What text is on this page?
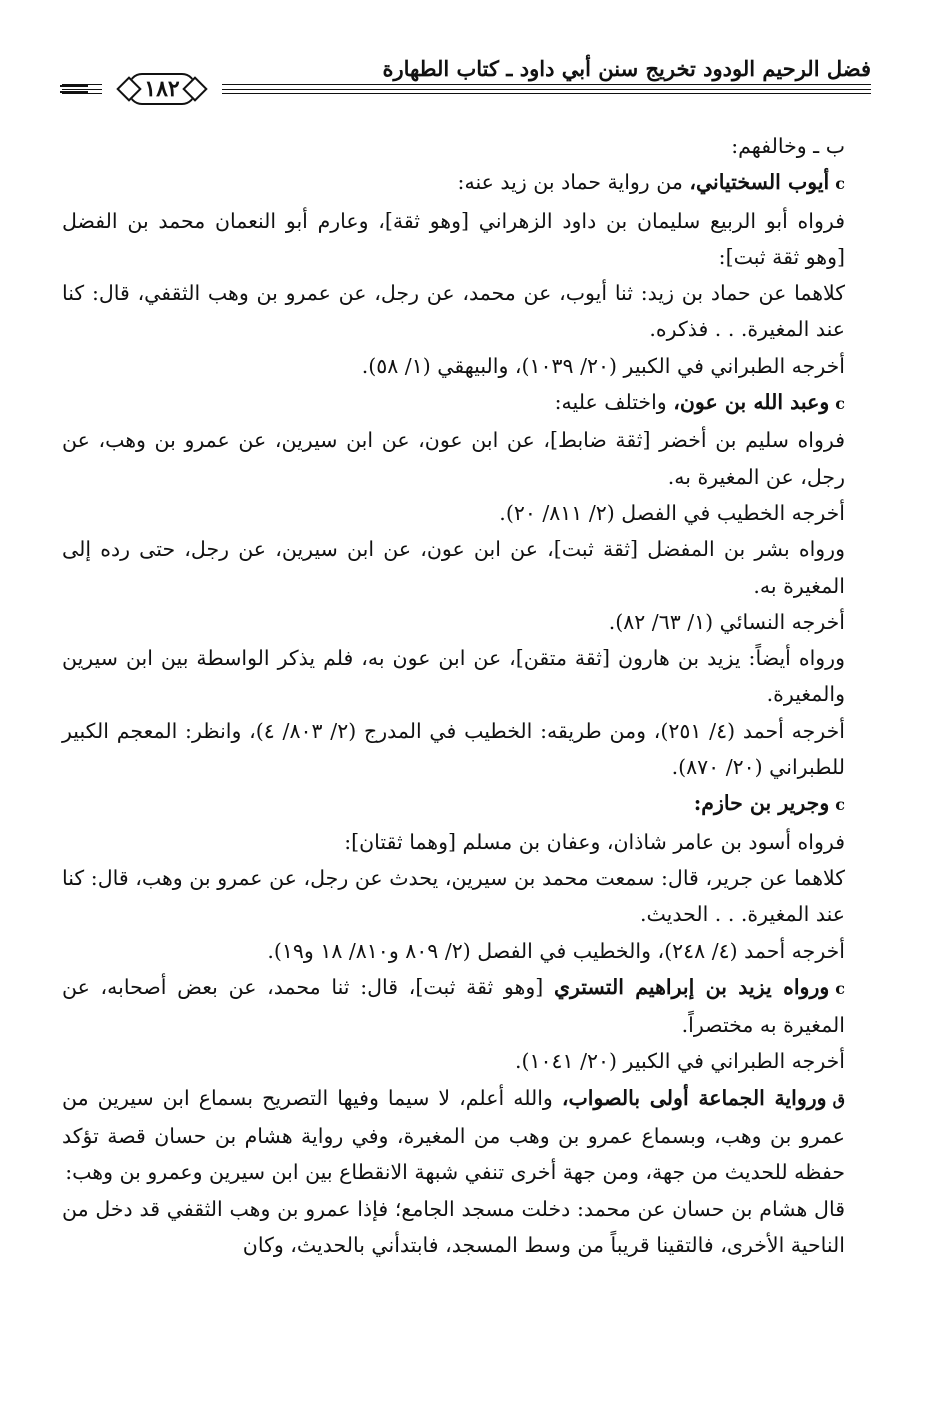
فضل الرحيم الودود تخريج سنن أبي داود ـ كتاب الطهارة
١٨٢

ب ـ وخالفهم:

cأيوب السختياني، من رواية حماد بن زيد عنه:

فرواه أبو الربيع سليمان بن داود الزهراني [وهو ثقة]، وعارم أبو النعمان محمد بن الفضل [وهو ثقة ثبت]:

كلاهما عن حماد بن زيد: ثنا أيوب، عن محمد، عن رجل، عن عمرو بن وهب الثقفي، قال: كنا عند المغيرة. . . فذكره.

أخرجه الطبراني في الكبير (٢٠/ ١٠٣٩)، والبيهقي (١/ ٥٨).

cوعبد الله بن عون، واختلف عليه:

فرواه سليم بن أخضر [ثقة ضابط]، عن ابن عون، عن ابن سيرين، عن عمرو بن وهب، عن رجل، عن المغيرة به.

أخرجه الخطيب في الفصل (٢/ ٨١١/ ٢٠).

ورواه بشر بن المفضل [ثقة ثبت]، عن ابن عون، عن ابن سيرين، عن رجل، حتى رده إلى المغيرة به.

أخرجه النسائي (١/ ٦٣/ ٨٢).

ورواه أيضاً: يزيد بن هارون [ثقة متقن]، عن ابن عون به، فلم يذكر الواسطة بين ابن سيرين والمغيرة.

أخرجه أحمد (٤/ ٢٥١)، ومن طريقه: الخطيب في المدرج (٢/ ٨٠٣/ ٤)، وانظر: المعجم الكبير للطبراني (٢٠/ ٨٧٠).

cوجرير بن حازم:

فرواه أسود بن عامر شاذان، وعفان بن مسلم [وهما ثقتان]:

كلاهما عن جرير، قال: سمعت محمد بن سيرين، يحدث عن رجل، عن عمرو بن وهب، قال: كنا عند المغيرة. . . الحديث.

أخرجه أحمد (٤/ ٢٤٨)، والخطيب في الفصل (٢/ ٨٠٩ و٨١٠/ ١٨ و١٩).

cورواه يزيد بن إبراهيم التستري [وهو ثقة ثبت]، قال: ثنا محمد، عن بعض أصحابه، عن المغيرة به مختصراً.

أخرجه الطبراني في الكبير (٢٠/ ١٠٤١).

قورواية الجماعة أولى بالصواب، والله أعلم، لا سيما وفيها التصريح بسماع ابن سيرين من عمرو بن وهب، وبسماع عمرو بن وهب من المغيرة، وفي رواية هشام بن حسان قصة تؤكد حفظه للحديث من جهة، ومن جهة أخرى تنفي شبهة الانقطاع بين ابن سيرين وعمرو بن وهب:

قال هشام بن حسان عن محمد: دخلت مسجد الجامع؛ فإذا عمرو بن وهب الثقفي قد دخل من الناحية الأخرى، فالتقينا قريباً من وسط المسجد، فابتدأني بالحديث، وكان
